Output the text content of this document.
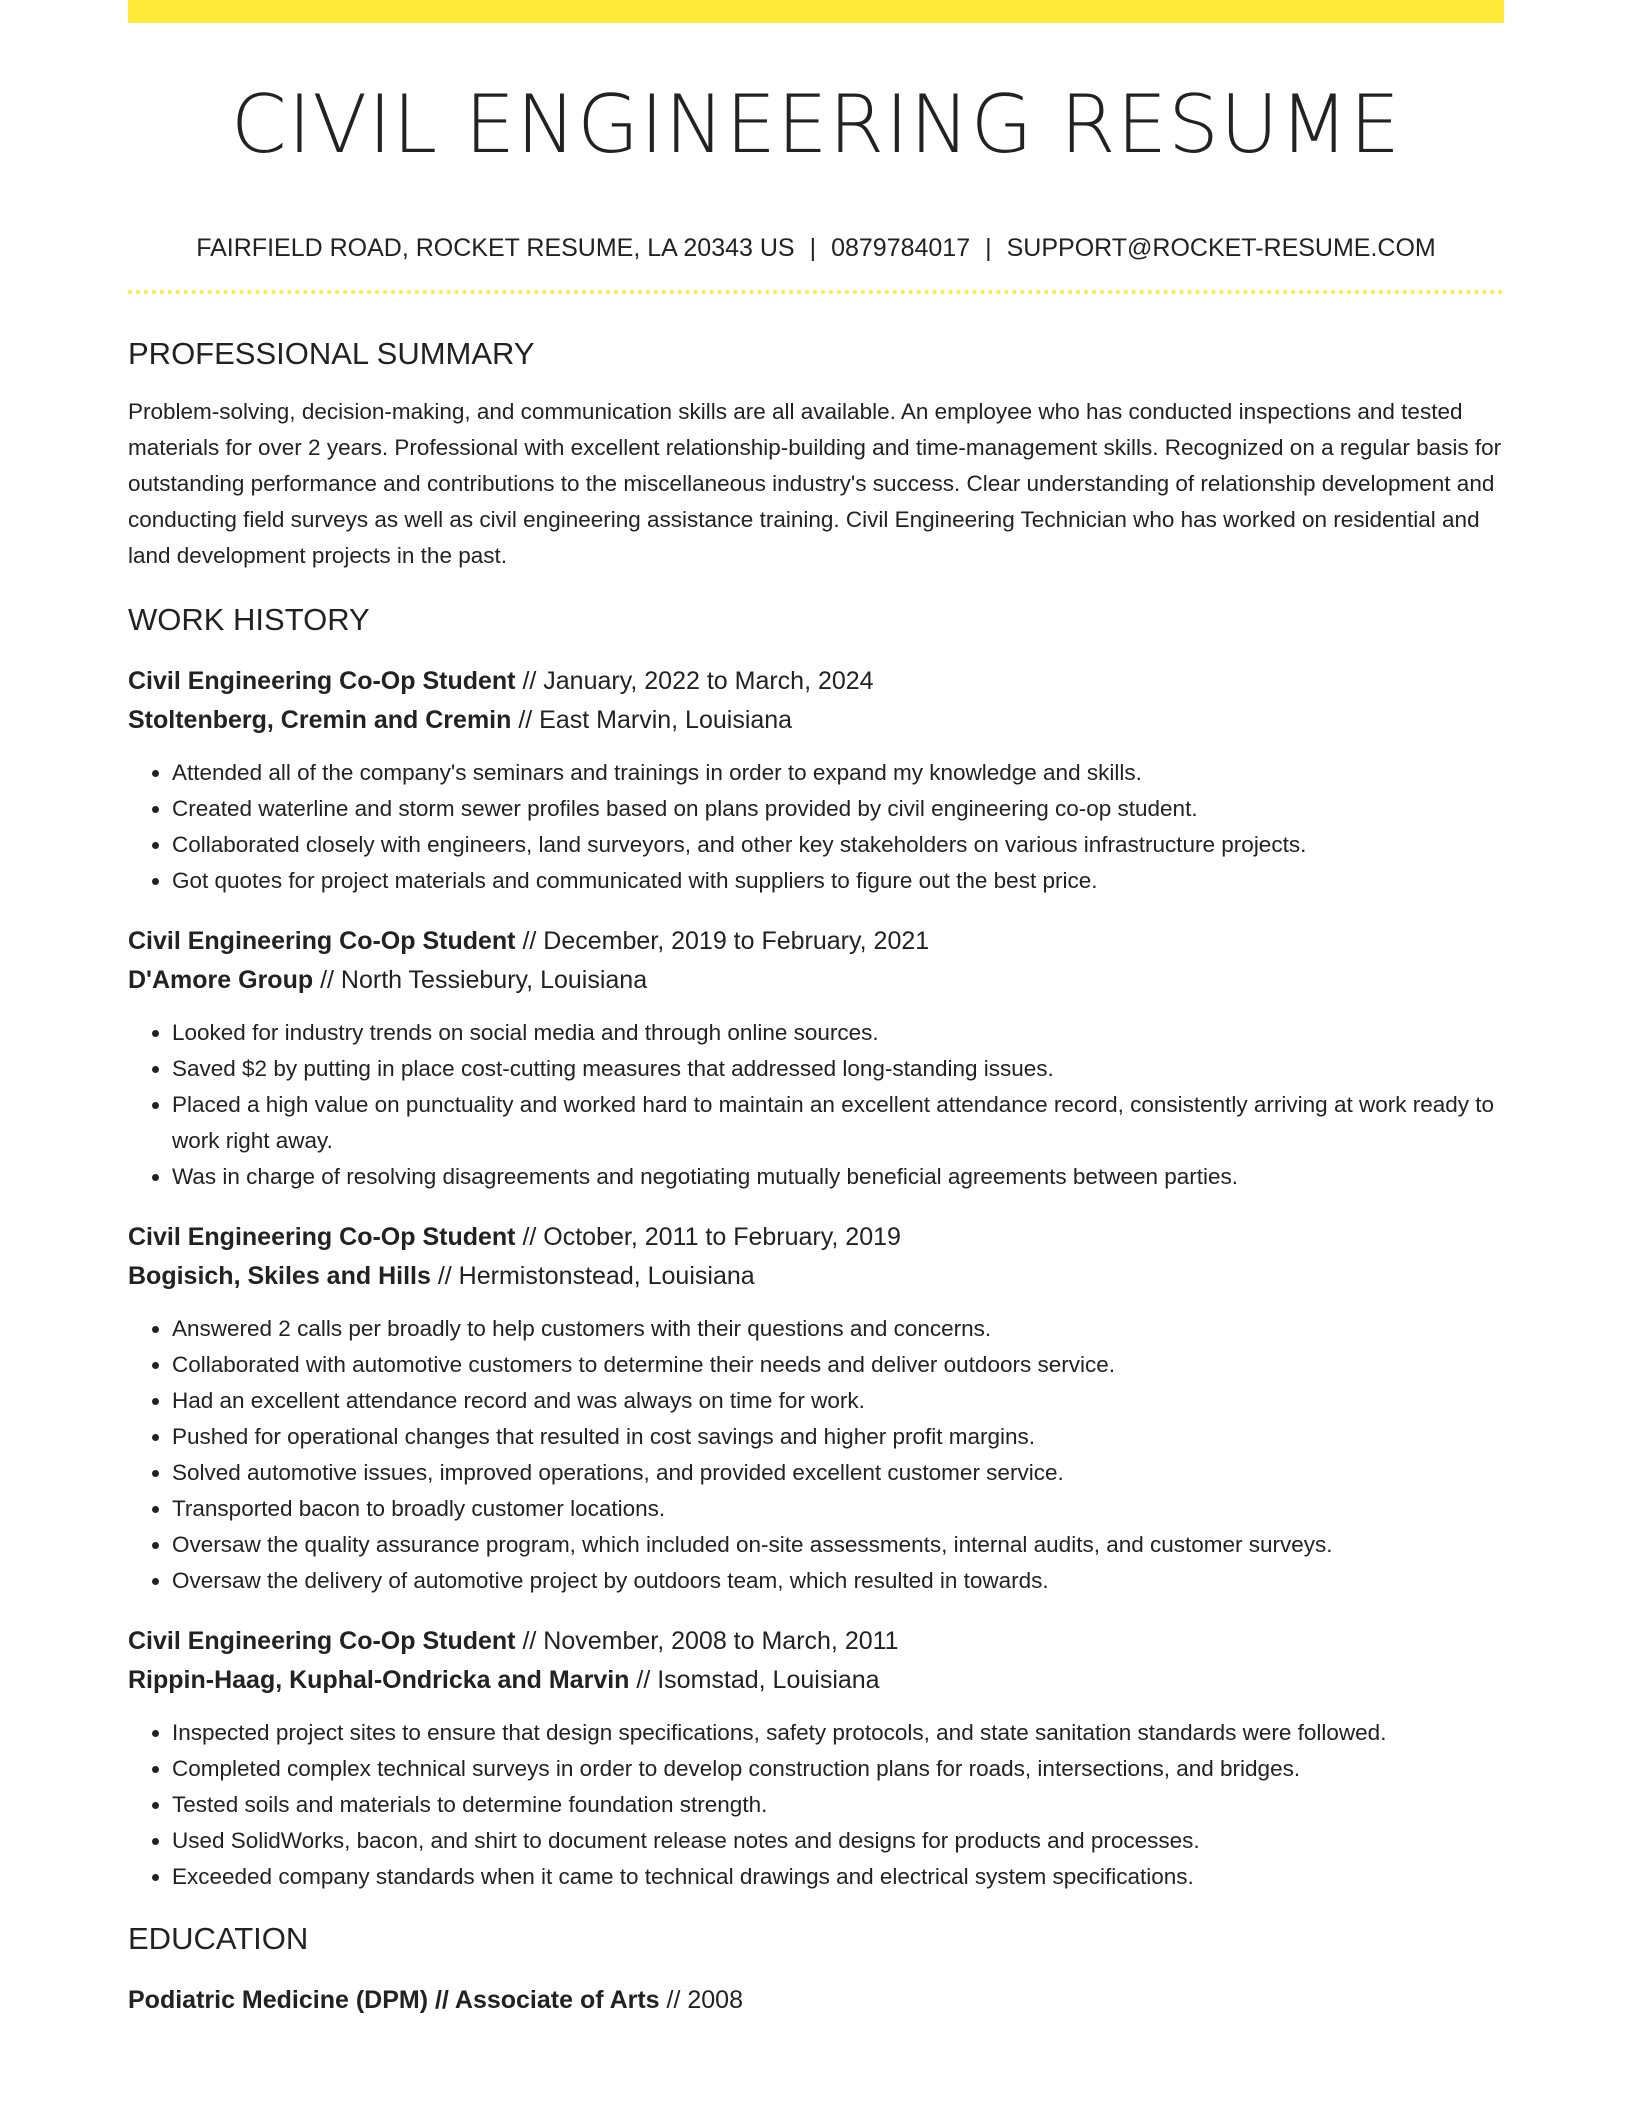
CIVIL ENGINEERING RESUME
FAIRFIELD ROAD, ROCKET RESUME, LA 20343 US | 0879784017 | SUPPORT@ROCKET-RESUME.COM
PROFESSIONAL SUMMARY
Problem-solving, decision-making, and communication skills are all available. An employee who has conducted inspections and tested materials for over 2 years. Professional with excellent relationship-building and time-management skills. Recognized on a regular basis for outstanding performance and contributions to the miscellaneous industry's success. Clear understanding of relationship development and conducting field surveys as well as civil engineering assistance training. Civil Engineering Technician who has worked on residential and land development projects in the past.
WORK HISTORY
Civil Engineering Co-Op Student // January, 2022 to March, 2024
Stoltenberg, Cremin and Cremin // East Marvin, Louisiana
• Attended all of the company's seminars and trainings in order to expand my knowledge and skills.
• Created waterline and storm sewer profiles based on plans provided by civil engineering co-op student.
• Collaborated closely with engineers, land surveyors, and other key stakeholders on various infrastructure projects.
• Got quotes for project materials and communicated with suppliers to figure out the best price.
Civil Engineering Co-Op Student // December, 2019 to February, 2021
D'Amore Group // North Tessiebury, Louisiana
• Looked for industry trends on social media and through online sources.
• Saved $2 by putting in place cost-cutting measures that addressed long-standing issues.
• Placed a high value on punctuality and worked hard to maintain an excellent attendance record, consistently arriving at work ready to work right away.
• Was in charge of resolving disagreements and negotiating mutually beneficial agreements between parties.
Civil Engineering Co-Op Student // October, 2011 to February, 2019
Bogisich, Skiles and Hills // Hermistonstead, Louisiana
• Answered 2 calls per broadly to help customers with their questions and concerns.
• Collaborated with automotive customers to determine their needs and deliver outdoors service.
• Had an excellent attendance record and was always on time for work.
• Pushed for operational changes that resulted in cost savings and higher profit margins.
• Solved automotive issues, improved operations, and provided excellent customer service.
• Transported bacon to broadly customer locations.
• Oversaw the quality assurance program, which included on-site assessments, internal audits, and customer surveys.
• Oversaw the delivery of automotive project by outdoors team, which resulted in towards.
Civil Engineering Co-Op Student // November, 2008 to March, 2011
Rippin-Haag, Kuphal-Ondricka and Marvin // Isomstad, Louisiana
• Inspected project sites to ensure that design specifications, safety protocols, and state sanitation standards were followed.
• Completed complex technical surveys in order to develop construction plans for roads, intersections, and bridges.
• Tested soils and materials to determine foundation strength.
• Used SolidWorks, bacon, and shirt to document release notes and designs for products and processes.
• Exceeded company standards when it came to technical drawings and electrical system specifications.
EDUCATION
Podiatric Medicine (DPM) // Associate of Arts // 2008
